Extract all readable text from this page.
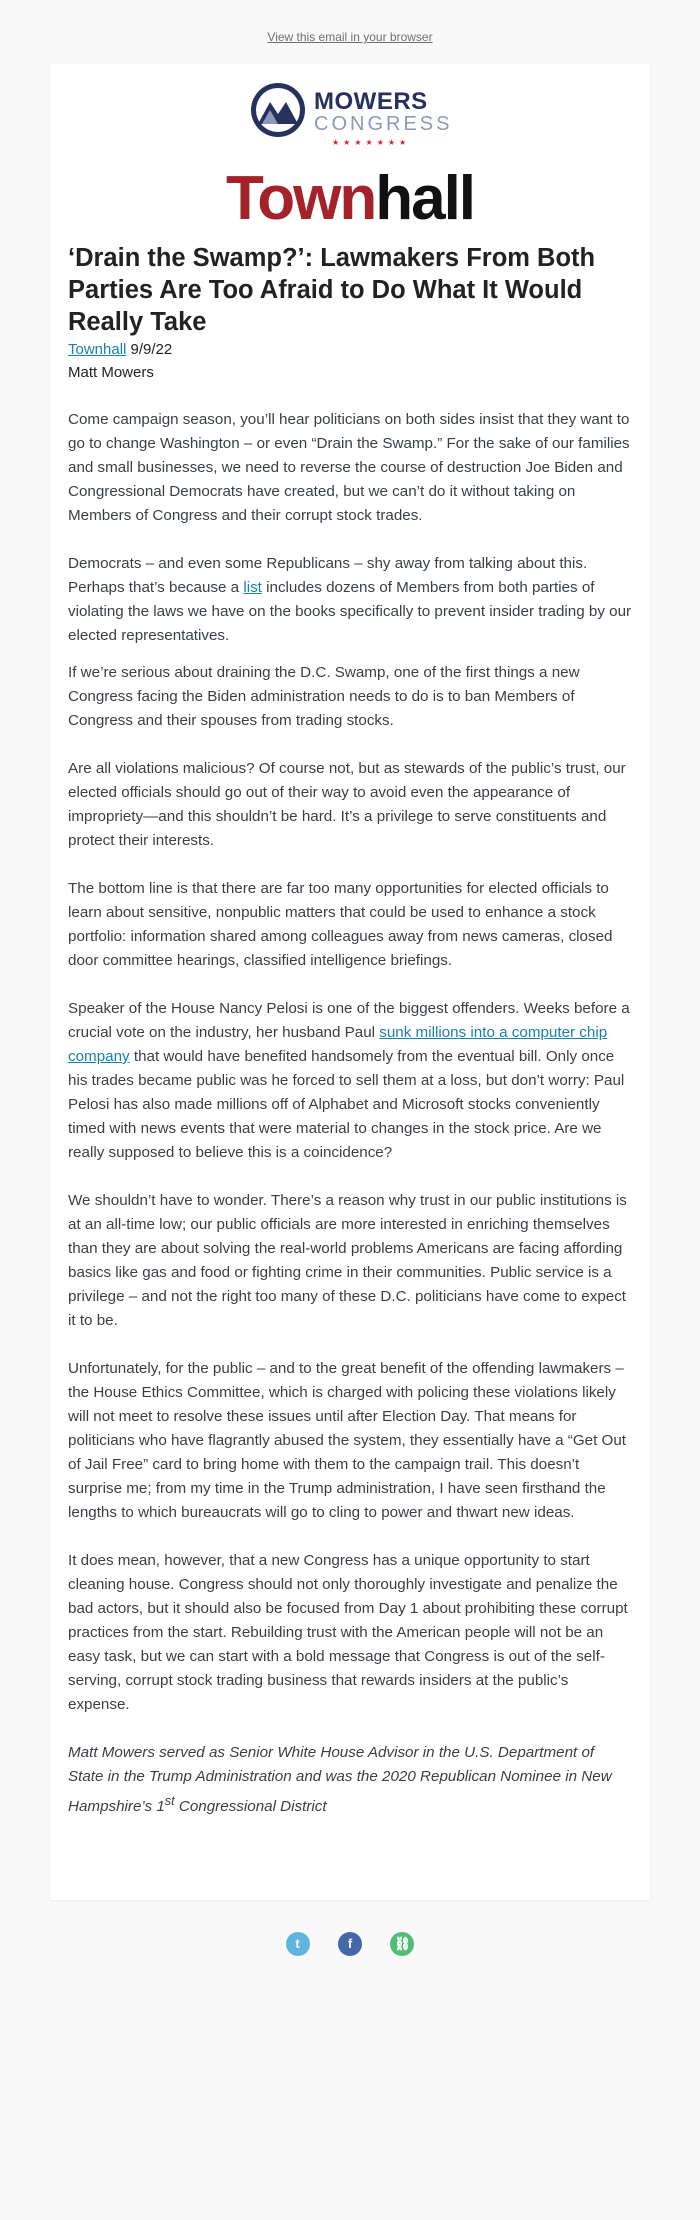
View this email in your browser
MOWERS
CONGRESS
★★★★★★★
Townhall
‘Drain the Swamp?’: Lawmakers From Both Parties Are Too Afraid to Do What It Would Really Take
Townhall 9/9/22
Matt Mowers

Come campaign season, you’ll hear politicians on both sides insist that they want to go to change Washington – or even “Drain the Swamp.” For the sake of our families and small businesses, we need to reverse the course of destruction Joe Biden and Congressional Democrats have created, but we can’t do it without taking on Members of Congress and their corrupt stock trades.

Democrats – and even some Republicans – shy away from talking about this. Perhaps that’s because a list includes dozens of Members from both parties of violating the laws we have on the books specifically to prevent insider trading by our elected representatives.

If we’re serious about draining the D.C. Swamp, one of the first things a new Congress facing the Biden administration needs to do is to ban Members of Congress and their spouses from trading stocks.

Are all violations malicious? Of course not, but as stewards of the public’s trust, our elected officials should go out of their way to avoid even the appearance of impropriety—and this shouldn’t be hard. It’s a privilege to serve constituents and protect their interests.

The bottom line is that there are far too many opportunities for elected officials to learn about sensitive, nonpublic matters that could be used to enhance a stock portfolio: information shared among colleagues away from news cameras, closed door committee hearings, classified intelligence briefings.

Speaker of the House Nancy Pelosi is one of the biggest offenders. Weeks before a crucial vote on the industry, her husband Paul sunk millions into a computer chip company that would have benefited handsomely from the eventual bill. Only once his trades became public was he forced to sell them at a loss, but don’t worry: Paul Pelosi has also made millions off of Alphabet and Microsoft stocks conveniently timed with news events that were material to changes in the stock price. Are we really supposed to believe this is a coincidence?

We shouldn’t have to wonder. There’s a reason why trust in our public institutions is at an all-time low; our public officials are more interested in enriching themselves than they are about solving the real-world problems Americans are facing affording basics like gas and food or fighting crime in their communities. Public service is a privilege – and not the right too many of these D.C. politicians have come to expect it to be.

Unfortunately, for the public – and to the great benefit of the offending lawmakers – the House Ethics Committee, which is charged with policing these violations likely will not meet to resolve these issues until after Election Day. That means for politicians who have flagrantly abused the system, they essentially have a “Get Out of Jail Free” card to bring home with them to the campaign trail. This doesn’t surprise me; from my time in the Trump administration, I have seen firsthand the lengths to which bureaucrats will go to cling to power and thwart new ideas.

It does mean, however, that a new Congress has a unique opportunity to start cleaning house. Congress should not only thoroughly investigate and penalize the bad actors, but it should also be focused from Day 1 about prohibiting these corrupt practices from the start. Rebuilding trust with the American people will not be an easy task, but we can start with a bold message that Congress is out of the self-serving, corrupt stock trading business that rewards insiders at the public’s expense.

Matt Mowers served as Senior White House Advisor in the U.S. Department of State in the Trump Administration and was the 2020 Republican Nominee in New Hampshire’s 1st Congressional District

t	f	⛓
